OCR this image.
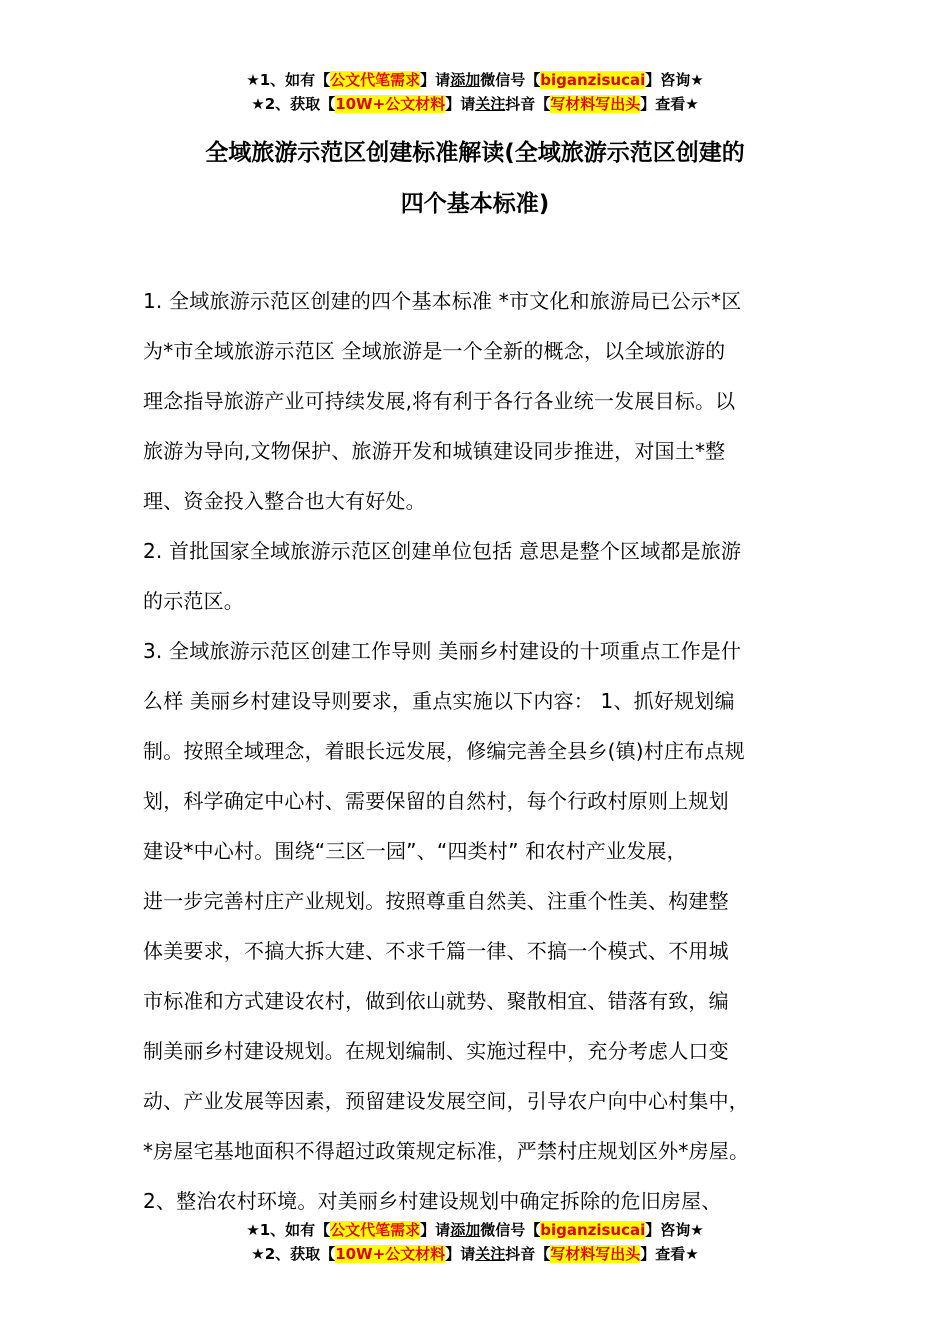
★1、如有【公文代笔需求】请添加微信号【biganzisucai】咨询★
★2、获取【10W+公文材料】请关注抖音【写材料写出头】查看★
全域旅游示范区创建标准解读(全域旅游示范区创建的
四个基本标准)
1. 全域旅游示范区创建的四个基本标准 *市文化和旅游局已公示*区
为*市全域旅游示范区 全域旅游是一个全新的概念，以全域旅游的
理念指导旅游产业可持续发展,将有利于各行各业统一发展目标。以
旅游为导向,文物保护、旅游开发和城镇建设同步推进，对国土*整
理、资金投入整合也大有好处。
2. 首批国家全域旅游示范区创建单位包括 意思是整个区域都是旅游
的示范区。
3. 全域旅游示范区创建工作导则 美丽乡村建设的十项重点工作是什
么样 美丽乡村建设导则要求，重点实施以下内容： 1、抓好规划编
制。按照全域理念，着眼长远发展，修编完善全县乡(镇)村庄布点规
划，科学确定中心村、需要保留的自然村，每个行政村原则上规划
建设*中心村。围绕“三区一园”、“四类村” 和农村产业发展，
进一步完善村庄产业规划。按照尊重自然美、注重个性美、构建整
体美要求，不搞大拆大建、不求千篇一律、不搞一个模式、不用城
市标准和方式建设农村，做到依山就势、聚散相宜、错落有致，编
制美丽乡村建设规划。在规划编制、实施过程中，充分考虑人口变
动、产业发展等因素，预留建设发展空间，引导农户向中心村集中，
*房屋宅基地面积不得超过政策规定标准，严禁村庄规划区外*房屋。
2、整治农村环境。对美丽乡村建设规划中确定拆除的危旧房屋、
★1、如有【公文代笔需求】请添加微信号【biganzisucai】咨询★
★2、获取【10W+公文材料】请关注抖音【写材料写出头】查看★
